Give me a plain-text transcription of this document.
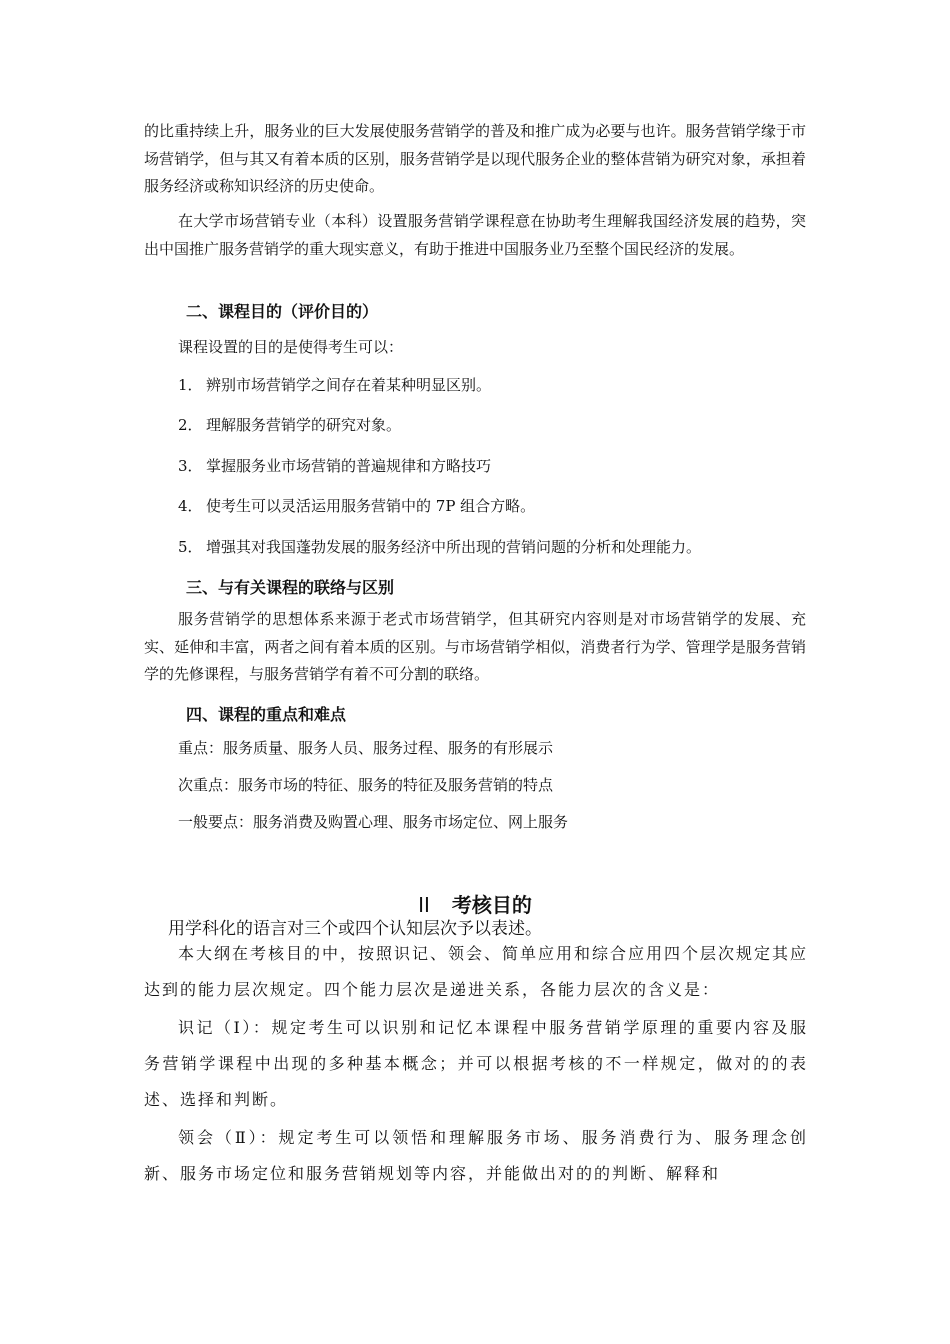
的比重持续上升，服务业的巨大发展使服务营销学的普及和推广成为必要与也许。服务营销学缘于市场营销学，但与其又有着本质的区别，服务营销学是以现代服务企业的整体营销为研究对象，承担着服务经济或称知识经济的历史使命。

在大学市场营销专业（本科）设置服务营销学课程意在协助考生理解我国经济发展的趋势，突出中国推广服务营销学的重大现实意义，有助于推进中国服务业乃至整个国民经济的发展。

二、课程目的（评价目的）

课程设置的目的是使得考生可以：

1． 辨别市场营销学之间存在着某种明显区别。

2． 理解服务营销学的研究对象。

3． 掌握服务业市场营销的普遍规律和方略技巧

4． 使考生可以灵活运用服务营销中的 7P 组合方略。

5． 增强其对我国蓬勃发展的服务经济中所出现的营销问题的分析和处理能力。

三、与有关课程的联络与区别

服务营销学的思想体系来源于老式市场营销学，但其研究内容则是对市场营销学的发展、充实、延伸和丰富，两者之间有着本质的区别。与市场营销学相似，消费者行为学、管理学是服务营销学的先修课程，与服务营销学有着不可分割的联络。

四、课程的重点和难点

重点：服务质量、服务人员、服务过程、服务的有形展示

次重点：服务市场的特征、服务的特征及服务营销的特点

一般要点：服务消费及购置心理、服务市场定位、网上服务

II 考核目的

用学科化的语言对三个或四个认知层次予以表述。

本大纲在考核目的中，按照识记、领会、简单应用和综合应用四个层次规定其应达到的能力层次规定。四个能力层次是递进关系，各能力层次的含义是：

识记（Ⅰ）：规定考生可以识别和记忆本课程中服务营销学原理的重要内容及服务营销学课程中出现的多种基本概念；并可以根据考核的不一样规定，做对的的表述、选择和判断。

领会（Ⅱ）：规定考生可以领悟和理解服务市场、服务消费行为、服务理念创新、服务市场定位和服务营销规划等内容，并能做出对的的判断、解释和
